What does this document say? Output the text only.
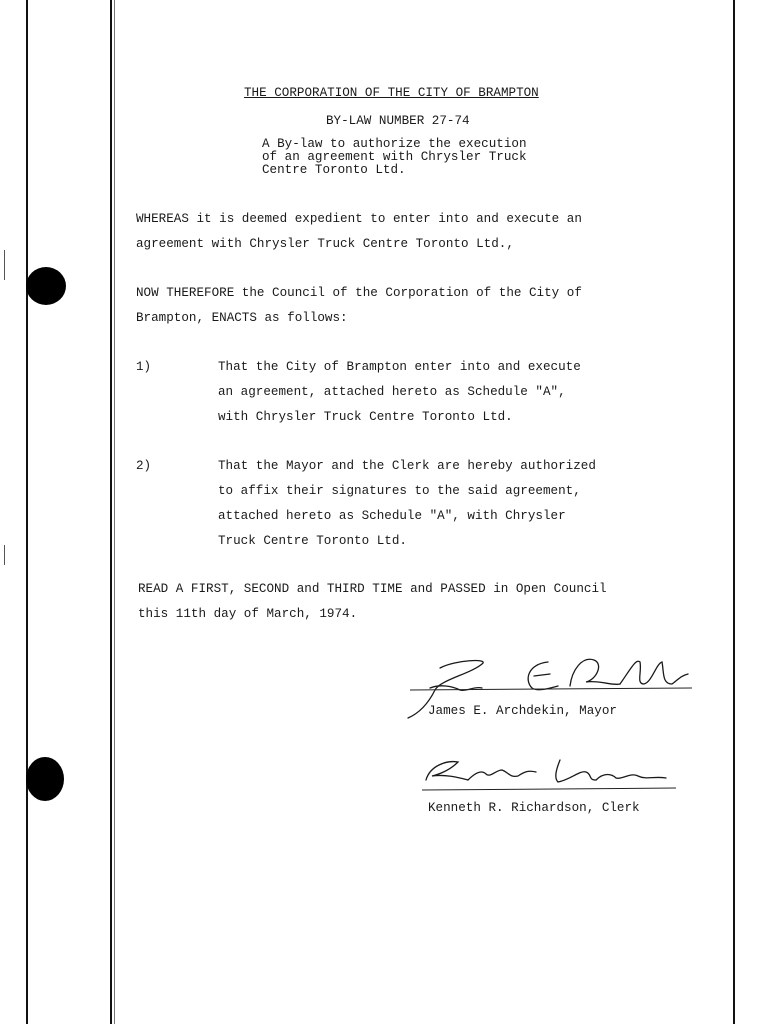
THE CORPORATION OF THE CITY OF BRAMPTON
BY-LAW NUMBER 27-74
A By-law to authorize the execution
of an agreement with Chrysler Truck
Centre Toronto Ltd.
WHEREAS it is deemed expedient to enter into and execute an
agreement with Chrysler Truck Centre Toronto Ltd.,
NOW THEREFORE the Council of the Corporation of the City of
Brampton, ENACTS as follows:
1)	That the City of Brampton enter into and execute
an agreement, attached hereto as Schedule "A",
with Chrysler Truck Centre Toronto Ltd.
2)	That the Mayor and the Clerk are hereby authorized
to affix their signatures to the said agreement,
attached hereto as Schedule "A", with Chrysler
Truck Centre Toronto Ltd.
READ A FIRST, SECOND and THIRD TIME and PASSED in Open Council
this 11th day of March, 1974.
James E. Archdekin, Mayor
Kenneth R. Richardson, Clerk
